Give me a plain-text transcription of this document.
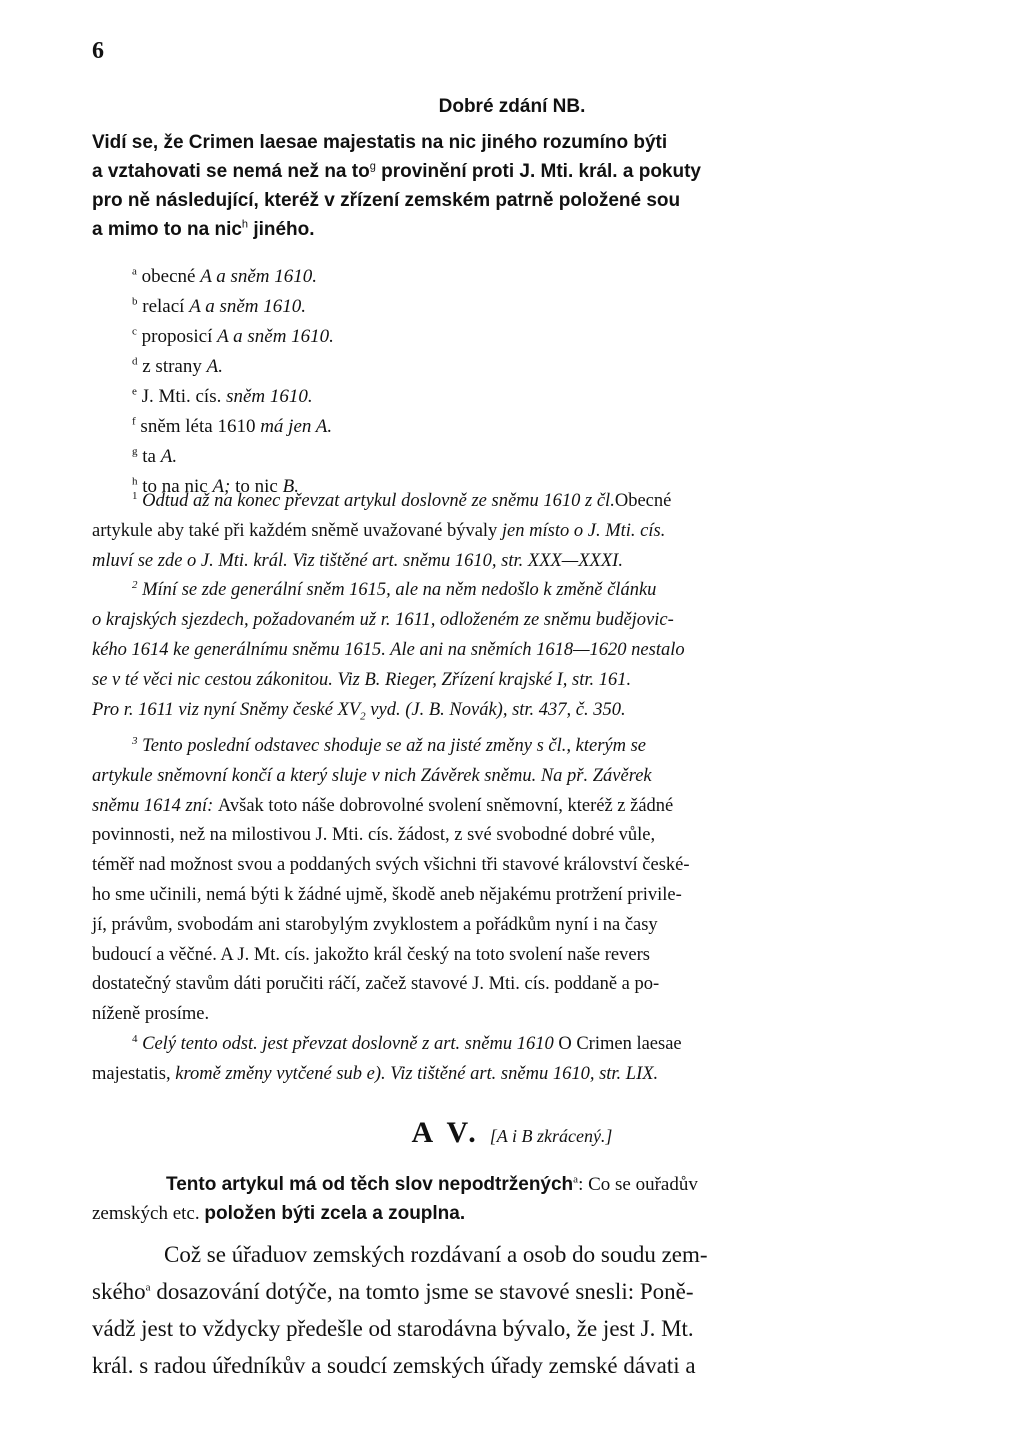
6
Dobré zdání NB.
Vidí se, že Crimen laesae majestatis na nic jiného rozumíno býti
a vztahovati se nemá než na $to^g$ provinění proti J. Mti. král. a pokuty
pro ně následující, kteréž v zřízení zemském patrně položené sou
a mimo to na nic$^h$ jiného.
$^a$ obecné A a sněm 1610.
$^b$ relací A a sněm 1610.
$^c$ proposicí A a sněm 1610.
$^d$ z strany A.
$^e$ J. Mti. cís. sněm 1610.
$^f$ sněm léta 1610 má jen A.
$^g$ ta A.
$^h$ to na nic A; to nic B.
$^1$ Odtud až na konec převzat artykul doslovně ze sněmu 1610 z čl.Obecné
artykule aby také při každém sněmě uvažované bývaly jen místo o J. Mti. cís.
mluví se zde o J. Mti. král. Viz tištěné art. sněmu 1610, str. XXX—XXXI.
$^2$ Míní se zde generální sněm 1615, ale na něm nedošlo k změně článku
o krajských sjezdech, požadovaném už r. 1611, odloženém ze sněmu budějovic-
kého 1614 ke generálnímu sněmu 1615. Ale ani na sněmích 1618—1620 nestalo
se v té věci nic cestou zákonitou. Viz B. Rieger, Zřízení krajské I, str. 161.
Pro r. 1611 viz nyní Sněmy české $XV_2$ vyd. (J. B. Novák), str. 437, č. 350.
$^3$ Tento poslední odstavec shoduje se až na jisté změny s čl., kterým se
artykule sněmovní končí a který sluje v nich Závěrek sněmu. Na př. Závěrek
sněmu 1614 zní: Avšak toto náše dobrovolné svolení sněmovní, kteréž z žádné
povinnosti, než na milostivou J. Mti. cís. žádost, z své svobodné dobré vůle,
téměř nad možnost svou a poddaných svých všichni tři stavové království české-
ho sme učinili, nemá býti k žádné ujmě, škodě aneb nějakému protržení privile-
jí, právům, svobodám ani starobylým zvyklostem a pořádkům nyní i na časy
budoucí a věčné. A J. Mt. cís. jakožto král český na toto svolení naše revers
dostatečný stavům dáti poručiti ráčí, začež stavové J. Mti. cís. poddaně a po-
níženě prosíme.
$^4$ Celý tento odst. jest převzat doslovně z art. sněmu 1610 O Crimen laesae
majestatis, kromě změny vytčené sub e). Viz tištěné art. sněmu 1610, str. LIX.
A V. [A i B zkrácený.]
Tento artykul má od těch slov nepodtržených$^a$: Co se ouřadův
zemských etc. položen býti zcela a zouplna.
Což se úřaduov zemských rozdávaní a osob do soudu zem-
ského$^a$ dosazování dotýče, na tomto jsme se stavové snesli: Poně-
vádž jest to vždycky předešle od starodávna bývalo, že jest J. Mt.
král. s radou úředníkův a soudcí zemských úřady zemské dávati a
